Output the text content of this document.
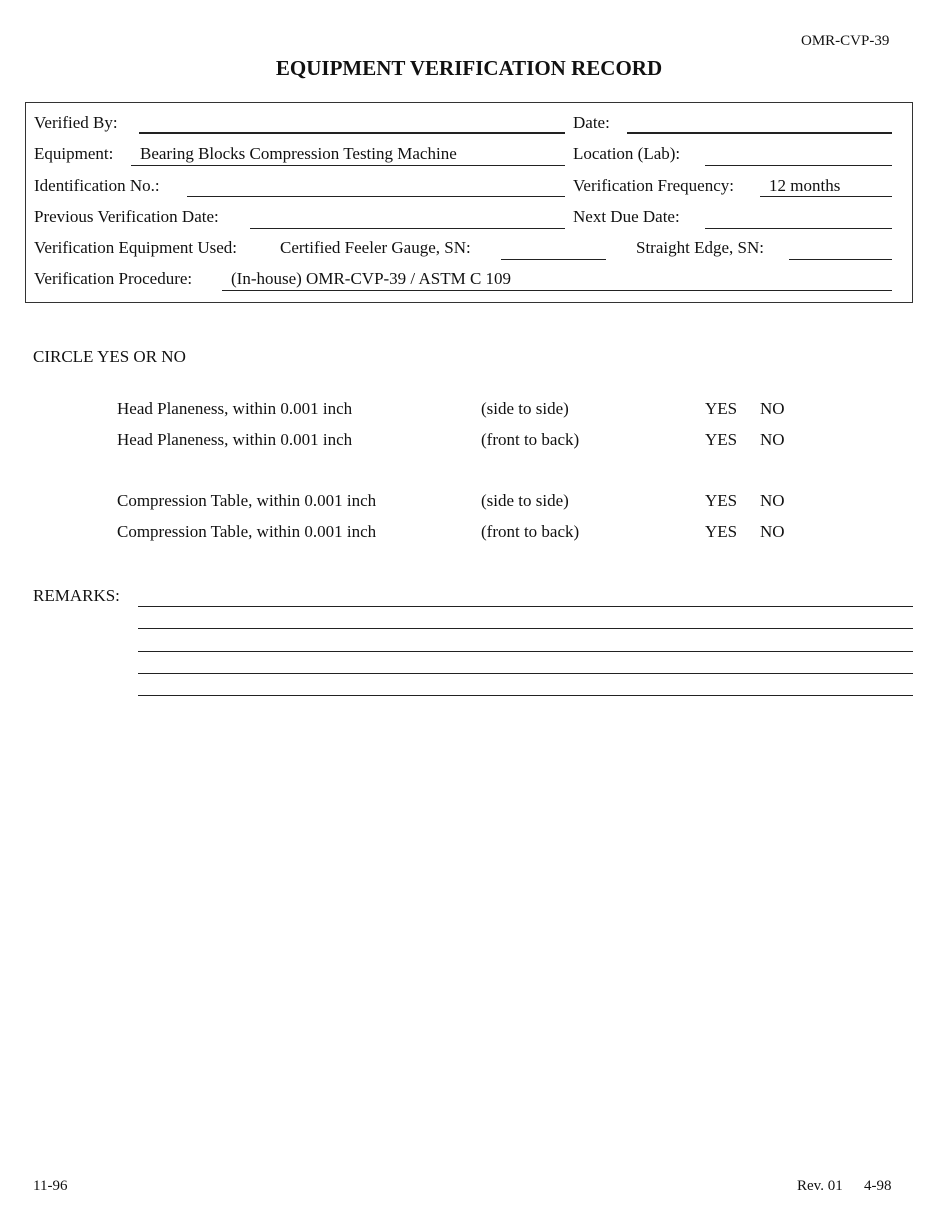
OMR-CVP-39
EQUIPMENT VERIFICATION RECORD
Verified By:	Date:
Equipment: Bearing Blocks Compression Testing Machine	Location (Lab):
Identification No.:	Verification Frequency: 12 months
Previous Verification Date:	Next Due Date:
Verification Equipment Used:	Certified Feeler Gauge, SN:	Straight Edge, SN:
Verification Procedure: (In-house) OMR-CVP-39 / ASTM C 109
CIRCLE YES OR NO
Head Planeness, within 0.001 inch	(side to side)	YES NO
Head Planeness, within 0.001 inch	(front to back)	YES NO
Compression Table, within 0.001 inch	(side to side)	YES NO
Compression Table, within 0.001 inch	(front to back)	YES NO
REMARKS:
11-96	Rev. 01 4-98
